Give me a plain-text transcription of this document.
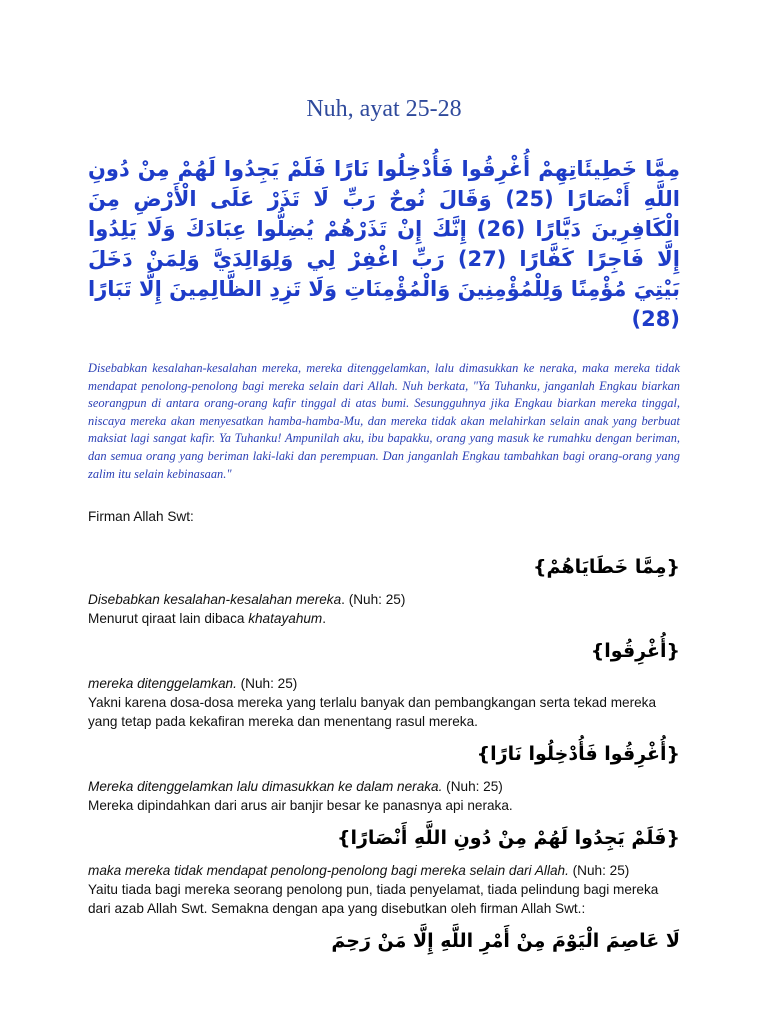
Nuh, ayat 25-28
مِمَّا خَطِيئَاتِهِمْ أُغْرِقُوا فَأُدْخِلُوا نَارًا فَلَمْ يَجِدُوا لَهُمْ مِنْ دُونِ اللَّهِ أَنْصَارًا (25) وَقَالَ نُوحٌ رَبِّ لَا تَذَرْ عَلَى الْأَرْضِ مِنَ الْكَافِرِينَ دَيَّارًا (26) إِنَّكَ إِنْ تَذَرْهُمْ يُضِلُّوا عِبَادَكَ وَلَا يَلِدُوا إِلَّا فَاجِرًا كَفَّارًا (27) رَبِّ اغْفِرْ لِي وَلِوَالِدَيَّ وَلِمَنْ دَخَلَ بَيْتِيَ مُؤْمِنًا وَلِلْمُؤْمِنِينَ وَالْمُؤْمِنَاتِ وَلَا تَزِدِ الظَّالِمِينَ إِلَّا تَبَارًا (28)
Disebabkan kesalahan-kesalahan mereka, mereka ditenggelamkan, lalu dimasukkan ke neraka, maka mereka tidak mendapat penolong-penolong bagi mereka selain dari Allah. Nuh berkata, "Ya Tuhanku, janganlah Engkau biarkan seorangpun di antara orang-orang kafir tinggal di atas bumi. Sesungguhnya jika Engkau biarkan mereka tinggal, niscaya mereka akan menyesatkan hamba-hamba-Mu, dan mereka tidak akan melahirkan selain anak yang berbuat maksiat lagi sangat kafir. Ya Tuhanku! Ampunilah aku, ibu bapakku, orang yang masuk ke rumahku dengan beriman, dan semua orang yang beriman laki-laki dan perempuan. Dan janganlah Engkau tambahkan bagi orang-orang yang zalim itu selain kebinasaan."
Firman Allah Swt:
{مِمَّا خَطَايَاهُمْ}
Disebabkan kesalahan-kesalahan mereka. (Nuh: 25)
Menurut qiraat lain dibaca khatayahum.
{أُغْرِقُوا}
mereka ditenggelamkan. (Nuh: 25)
Yakni karena dosa-dosa mereka yang terlalu banyak dan pembangkangan serta tekad mereka yang tetap pada kekafiran mereka dan menentang rasul mereka.
{أُغْرِقُوا فَأُدْخِلُوا نَارًا}
Mereka ditenggelamkan lalu dimasukkan ke dalam neraka. (Nuh: 25)
Mereka dipindahkan dari arus air banjir besar ke panasnya api neraka.
{فَلَمْ يَجِدُوا لَهُمْ مِنْ دُونِ اللَّهِ أَنْصَارًا}
maka mereka tidak mendapat penolong-penolong bagi mereka selain dari Allah. (Nuh: 25)
Yaitu tiada bagi mereka seorang penolong pun, tiada penyelamat, tiada pelindung bagi mereka dari azab Allah Swt. Semakna dengan apa yang disebutkan oleh firman Allah Swt.:
لَا عَاصِمَ الْيَوْمَ مِنْ أَمْرِ اللَّهِ إِلَّا مَنْ رَحِمَ
